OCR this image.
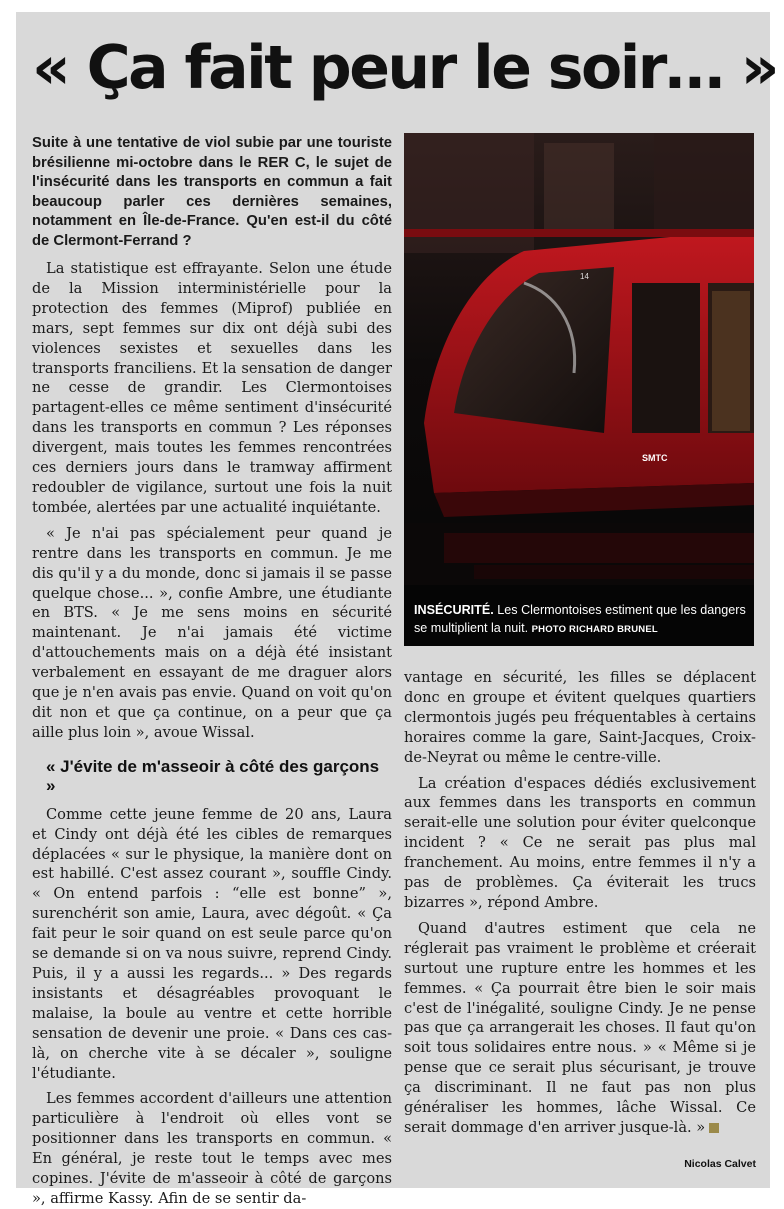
« Ça fait peur le soir… »

Suite à une tentative de viol subie par une touriste brésilienne mi-octobre dans le RER C, le sujet de l'insécurité dans les transports en commun a fait beaucoup parler ces dernières semaines, notamment en Île-de-France. Qu'en est-il du côté de Clermont-Ferrand ?

La statistique est effrayante. Selon une étude de la Mission interministérielle pour la protection des femmes (Miprof) publiée en mars, sept femmes sur dix ont déjà subi des violences sexistes et sexuelles dans les transports franciliens. Et la sensation de danger ne cesse de grandir. Les Clermontoises partagent-elles ce même sentiment d'insécurité dans les transports en commun ? Les réponses divergent, mais toutes les femmes rencontrées ces derniers jours dans le tramway affirment redoubler de vigilance, surtout une fois la nuit tombée, alertées par une actualité inquiétante.

« Je n'ai pas spécialement peur quand je rentre dans les transports en commun. Je me dis qu'il y a du monde, donc si jamais il se passe quelque chose... », confie Ambre, une étudiante en BTS. « Je me sens moins en sécurité maintenant. Je n'ai jamais été victime d'attouchements mais on a déjà été insistant verbalement en essayant de me draguer alors que je n'en avais pas envie. Quand on voit qu'on dit non et que ça continue, on a peur que ça aille plus loin », avoue Wissal.

« J'évite de m'asseoir à côté des garçons »

Comme cette jeune femme de 20 ans, Laura et Cindy ont déjà été les cibles de remarques déplacées « sur le physique, la manière dont on est habillé. C'est assez courant », souffle Cindy. « On entend parfois : “elle est bonne” », surenchérit son amie, Laura, avec dégoût. « Ça fait peur le soir quand on est seule parce qu'on se demande si on va nous suivre, reprend Cindy. Puis, il y a aussi les regards... » Des regards insistants et désagréables provoquant le malaise, la boule au ventre et cette horrible sensation de devenir une proie. « Dans ces cas-là, on cherche vite à se décaler », souligne l'étudiante.

Les femmes accordent d'ailleurs une attention particulière à l'endroit où elles vont se positionner dans les transports en commun. « En général, je reste tout le temps avec mes copines. J'évite de m'asseoir à côté de garçons », affirme Kassy. Afin de se sentir da-

SMTC
14
INSÉCURITÉ. Les Clermontoises estiment que les dangers se multiplient la nuit. PHOTO RICHARD BRUNEL

vantage en sécurité, les filles se déplacent donc en groupe et évitent quelques quartiers clermontois jugés peu fréquentables à certains horaires comme la gare, Saint-Jacques, Croix-de-Neyrat ou même le centre-ville.

La création d'espaces dédiés exclusivement aux femmes dans les transports en commun serait-elle une solution pour éviter quelconque incident ? « Ce ne serait pas plus mal franchement. Au moins, entre femmes il n'y a pas de problèmes. Ça éviterait les trucs bizarres », répond Ambre.

Quand d'autres estiment que cela ne réglerait pas vraiment le problème et créerait surtout une rupture entre les hommes et les femmes. « Ça pourrait être bien le soir mais c'est de l'inégalité, souligne Cindy. Je ne pense pas que ça arrangerait les choses. Il faut qu'on soit tous solidaires entre nous. » « Même si je pense que ce serait plus sécurisant, je trouve ça discriminant. Il ne faut pas non plus généraliser les hommes, lâche Wissal. Ce serait dommage d'en arriver jusque-là. »

Nicolas Calvet
